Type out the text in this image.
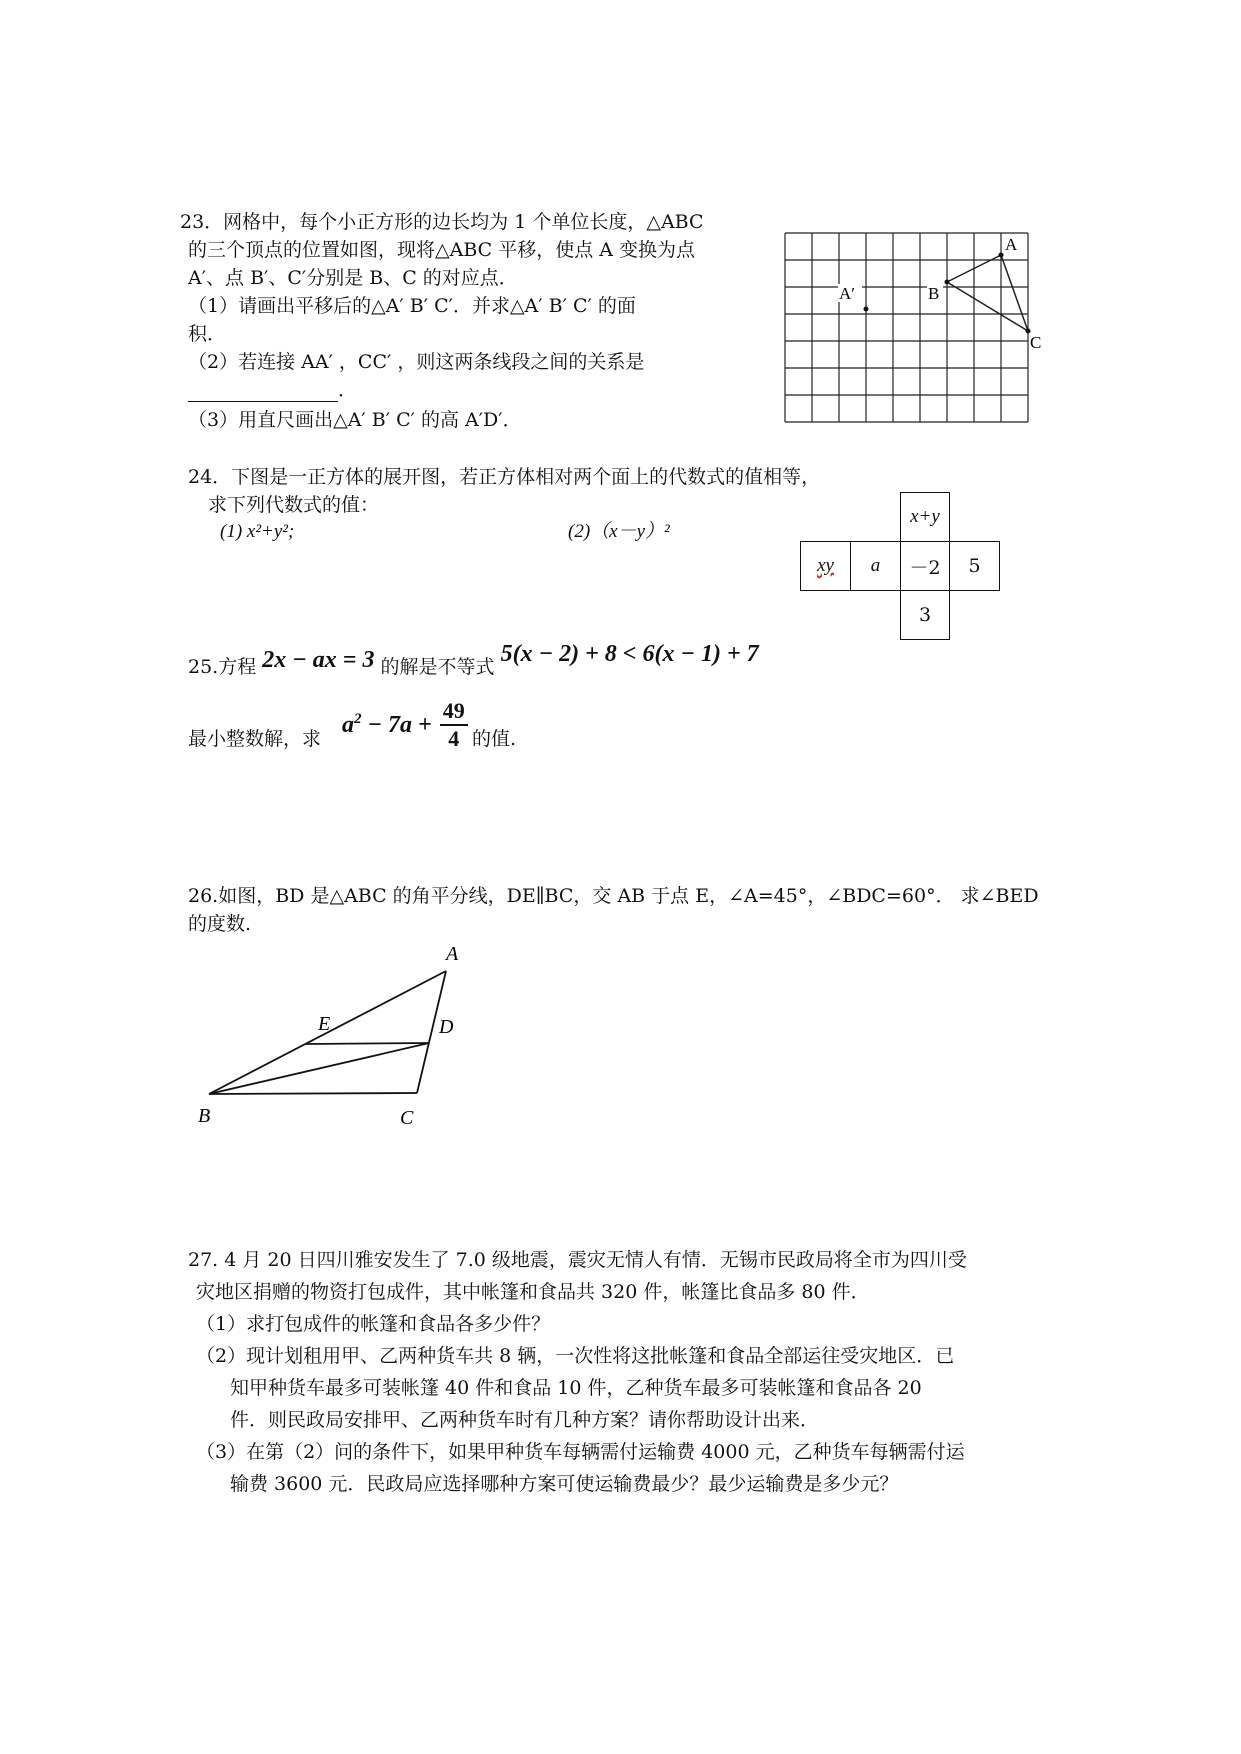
23．网格中，每个小正方形的边长均为 1 个单位长度，△ABC
的三个顶点的位置如图，现将△ABC 平移，使点 A 变换为点
A′、点 B′、C′分别是 B、C 的对应点．
（1）请画出平移后的△A′ B′ C′．并求△A′ B′ C′ 的面
积．
（2）若连接 AA′ ，CC′ ，则这两条线段之间的关系是
．
（3）用直尺画出△A′ B′ C′ 的高 A′D′．
A
B
C
A′
24．下图是一正方体的展开图，若正方体相对两个面上的代数式的值相等，
求下列代数式的值：
(1) x²+y²;	(2)（x－y）²
x+y
xy	a	－2	5
3
25.方程 2x − ax = 3 的解是不等式 5(x − 2) + 8 < 6(x − 1) + 7
最小整数解，求
$a^2 - 7a$ +
49
4 的值.
26.如图，BD 是△ABC 的角平分线，DE∥BC，交 AB 于点 E，∠A=45°，∠BDC=60°． 求∠BED
的度数.
A
B	C
D
E
27. 4 月 20 日四川雅安发生了 7.0 级地震，震灾无情人有情．无锡市民政局将全市为四川受
灾地区捐赠的物资打包成件，其中帐篷和食品共 320 件，帐篷比食品多 80 件．
（1）求打包成件的帐篷和食品各多少件？
（2）现计划租用甲、乙两种货车共 8 辆，一次性将这批帐篷和食品全部运往受灾地区．已
知甲种货车最多可装帐篷 40 件和食品 10 件，乙种货车最多可装帐篷和食品各 20
件．则民政局安排甲、乙两种货车时有几种方案？请你帮助设计出来．
（3）在第（2）问的条件下，如果甲种货车每辆需付运输费 4000 元，乙种货车每辆需付运
输费 3600 元．民政局应选择哪种方案可使运输费最少？最少运输费是多少元？
